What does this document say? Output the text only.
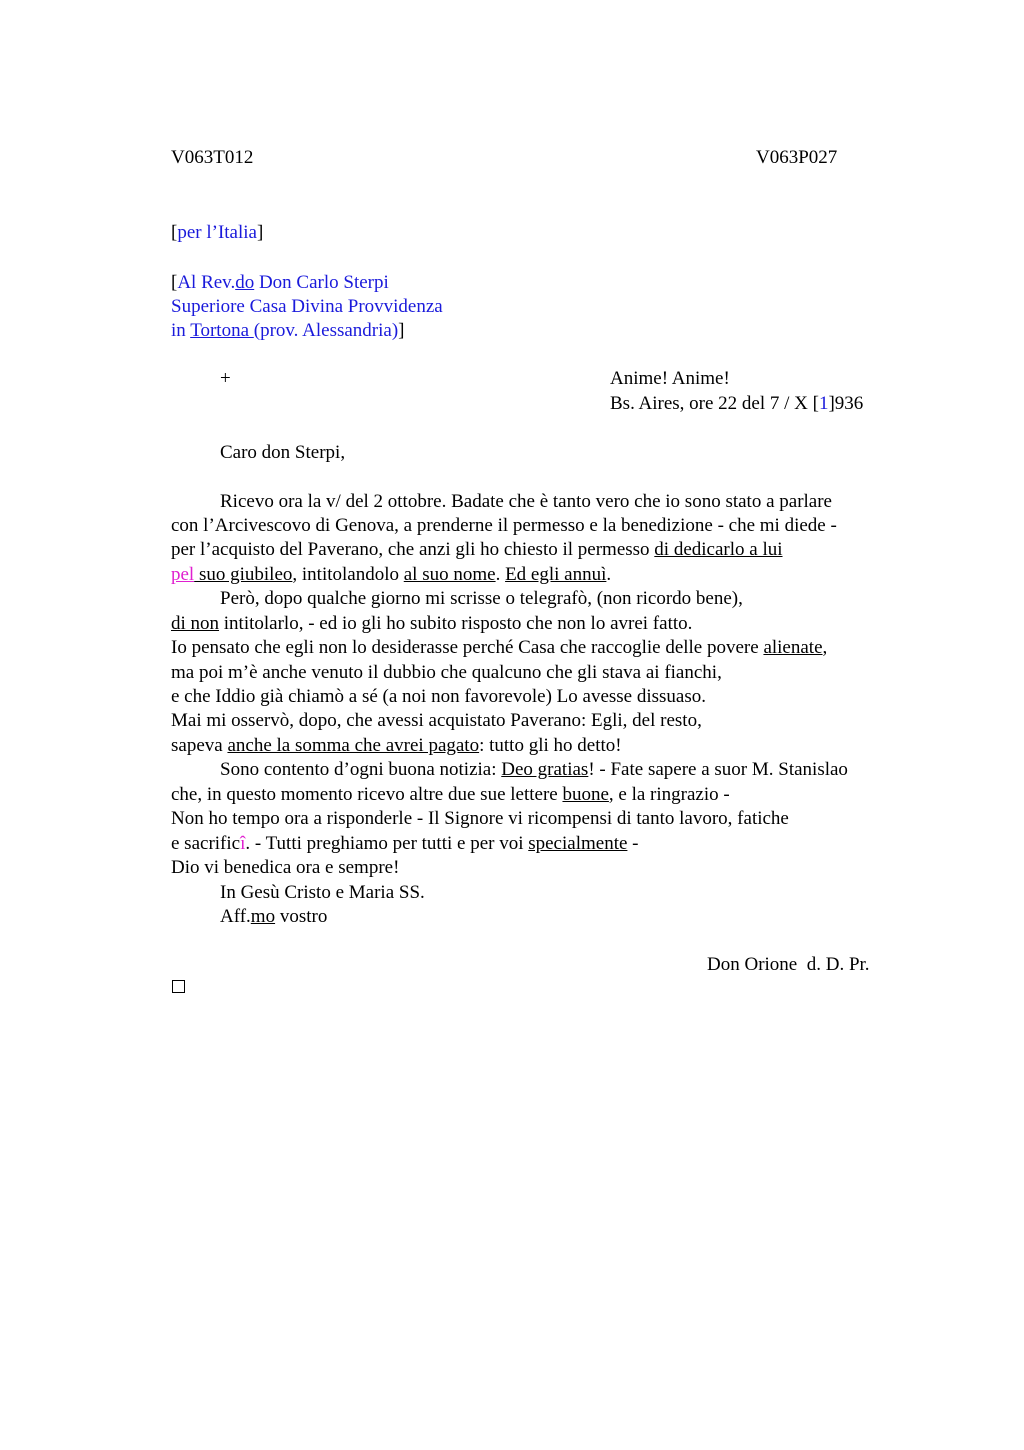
V063T012	V063P027
[per l’Italia]
[Al Rev.do Don Carlo Sterpi
Superiore Casa Divina Provvidenza
in Tortona (prov. Alessandria)]
+	Anime! Anime!
Bs. Aires, ore 22 del 7 / X [1]936
Caro don Sterpi,
Ricevo ora la v/ del 2 ottobre. Badate che è tanto vero che io sono stato a parlare
con l’Arcivescovo di Genova, a prenderne il permesso e la benedizione - che mi diede -
per l’acquisto del Paverano, che anzi gli ho chiesto il permesso di dedicarlo a lui
pel suo giubileo, intitolandolo al suo nome. Ed egli annuì.
Però, dopo qualche giorno mi scrisse o telegrafò, (non ricordo bene),
di non intitolarlo, - ed io gli ho subito risposto che non lo avrei fatto.
Io pensato che egli non lo desiderasse perché Casa che raccoglie delle povere alienate,
ma poi m’è anche venuto il dubbio che qualcuno che gli stava ai fianchi,
e che Iddio già chiamò a sé (a noi non favorevole) Lo avesse dissuaso.
Mai mi osservò, dopo, che avessi acquistato Paverano: Egli, del resto,
sapeva anche la somma che avrei pagato: tutto gli ho detto!
Sono contento d’ogni buona notizia: Deo gratias! - Fate sapere a suor M. Stanislao
che, in questo momento ricevo altre due sue lettere buone, e la ringrazio -
Non ho tempo ora a risponderle - Il Signore vi ricompensi di tanto lavoro, fatiche
e sacrificî. - Tutti preghiamo per tutti e per voi specialmente -
Dio vi benedica ora e sempre!
In Gesù Cristo e Maria SS.
Aff.mo vostro
Don Orione  d. D. Pr.
